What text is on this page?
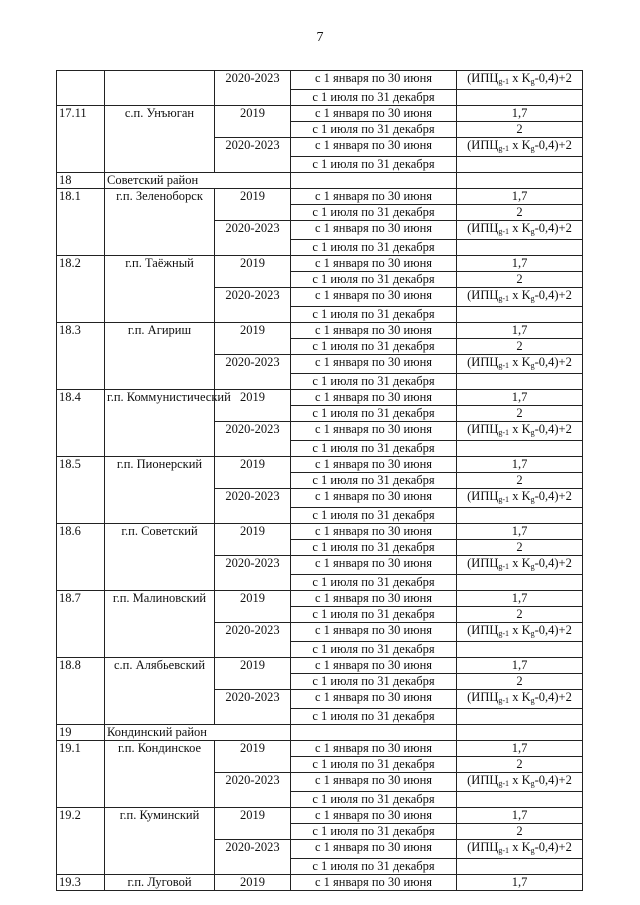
7
		2020-2023	с 1 января по 30 июня	($ИПЦ_{g-1}$ x $K_g-0,4)+2$
			с 1 июля по 31 декабря	
17.11	с.п. Унъюган	2019	с 1 января по 30 июня	1,7
			с 1 июля по 31 декабря	2
		2020-2023	с 1 января по 30 июня	($ИПЦ_{g-1}$ x $K_g-0,4)+2$
			с 1 июля по 31 декабря	
18	Советский район			
18.1	г.п. Зеленоборск	2019	с 1 января по 30 июня	1,7
			с 1 июля по 31 декабря	2
		2020-2023	с 1 января по 30 июня	($ИПЦ_{g-1}$ x $K_g-0,4)+2$
			с 1 июля по 31 декабря	
18.2	г.п. Таёжный	2019	с 1 января по 30 июня	1,7
			с 1 июля по 31 декабря	2
		2020-2023	с 1 января по 30 июня	($ИПЦ_{g-1}$ x $K_g-0,4)+2$
			с 1 июля по 31 декабря	
18.3	г.п. Агириш	2019	с 1 января по 30 июня	1,7
			с 1 июля по 31 декабря	2
		2020-2023	с 1 января по 30 июня	($ИПЦ_{g-1}$ x $K_g-0,4)+2$
			с 1 июля по 31 декабря	
18.4	г.п. Коммунистический	2019	с 1 января по 30 июня	1,7
			с 1 июля по 31 декабря	2
		2020-2023	с 1 января по 30 июня	($ИПЦ_{g-1}$ x $K_g-0,4)+2$
			с 1 июля по 31 декабря	
18.5	г.п. Пионерский	2019	с 1 января по 30 июня	1,7
			с 1 июля по 31 декабря	2
		2020-2023	с 1 января по 30 июня	($ИПЦ_{g-1}$ x $K_g-0,4)+2$
			с 1 июля по 31 декабря	
18.6	г.п. Советский	2019	с 1 января по 30 июня	1,7
			с 1 июля по 31 декабря	2
		2020-2023	с 1 января по 30 июня	($ИПЦ_{g-1}$ x $K_g-0,4)+2$
			с 1 июля по 31 декабря	
18.7	г.п. Малиновский	2019	с 1 января по 30 июня	1,7
			с 1 июля по 31 декабря	2
		2020-2023	с 1 января по 30 июня	($ИПЦ_{g-1}$ x $K_g-0,4)+2$
			с 1 июля по 31 декабря	
18.8	с.п. Алябьевский	2019	с 1 января по 30 июня	1,7
			с 1 июля по 31 декабря	2
		2020-2023	с 1 января по 30 июня	($ИПЦ_{g-1}$ x $K_g-0,4)+2$
			с 1 июля по 31 декабря	
19	Кондинский район			
19.1	г.п. Кондинское	2019	с 1 января по 30 июня	1,7
			с 1 июля по 31 декабря	2
		2020-2023	с 1 января по 30 июня	($ИПЦ_{g-1}$ x $K_g-0,4)+2$
			с 1 июля по 31 декабря	
19.2	г.п. Куминский	2019	с 1 января по 30 июня	1,7
			с 1 июля по 31 декабря	2
		2020-2023	с 1 января по 30 июня	($ИПЦ_{g-1}$ x $K_g-0,4)+2$
			с 1 июля по 31 декабря	
19.3	г.п. Луговой	2019	с 1 января по 30 июня	1,7
